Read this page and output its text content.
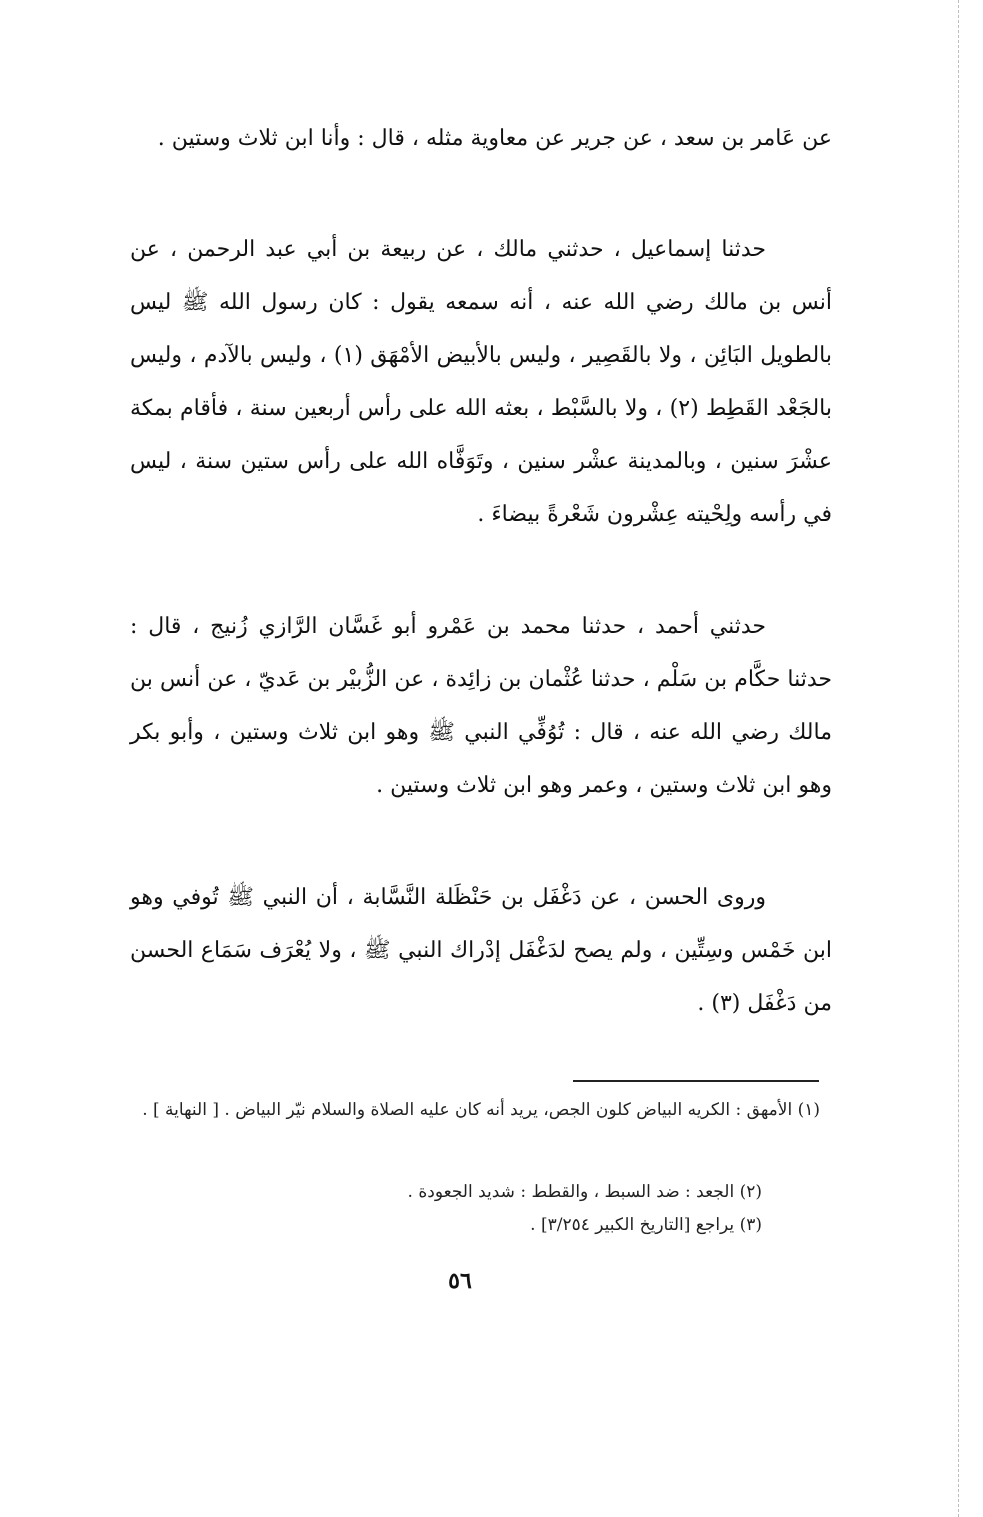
عن عَامر بن سعد ، عن جرير عن معاوية مثله ، قال : وأنا ابن ثلاث وستين .

حدثنا إسماعيل ، حدثني مالك ، عن ربيعة بن أبي عبد الرحمن ، عن أنس بن مالك رضي الله عنه ، أنه سمعه يقول : كان رسول الله ﷺ ليس بالطويل البَائِن ، ولا بالقَصِير ، وليس بالأبيض الأمْهَق (١) ، وليس بالآدم ، وليس بالجَعْد القَطِط (٢) ، ولا بالسَّبْط ، بعثه الله على رأس أربعين سنة ، فأقام بمكة عشْرَ سنين ، وبالمدينة عشْر سنين ، وتَوَفَّاه الله على رأس ستين سنة ، ليس في رأسه ولِحْيته عِشْرون شَعْرةً بيضاءَ .

حدثني أحمد ، حدثنا محمد بن عَمْرو أبو غَسَّان الرَّازي زُنيج ، قال : حدثنا حكَّام بن سَلْم ، حدثنا عُثْمان بن زائِدة ، عن الزُّبيْر بن عَديّ ، عن أنس بن مالك رضي الله عنه ، قال : تُوُفِّي النبي ﷺ وهو ابن ثلاث وستين ، وأبو بكر وهو ابن ثلاث وستين ، وعمر وهو ابن ثلاث وستين .

وروى الحسن ، عن دَغْفَل بن حَنْظَلة النَّسَّابة ، أن النبي ﷺ تُوفي وهو ابن خَمْس وسِتِّين ، ولم يصح لدَغْفَل إدْراك النبي ﷺ ، ولا يُعْرَف سَمَاع الحسن من دَغْفَل (٣) .

(١) الأمهق : الكريه البياض كلون الجص، يريد أنه كان عليه الصلاة والسلام نيّر البياض . [ النهاية ] .

(٢) الجعد : ضد السبط ، والقطط : شديد الجعودة .

(٣) يراجع [التاريخ الكبير ٣/٢٥٤] .

٥٦
